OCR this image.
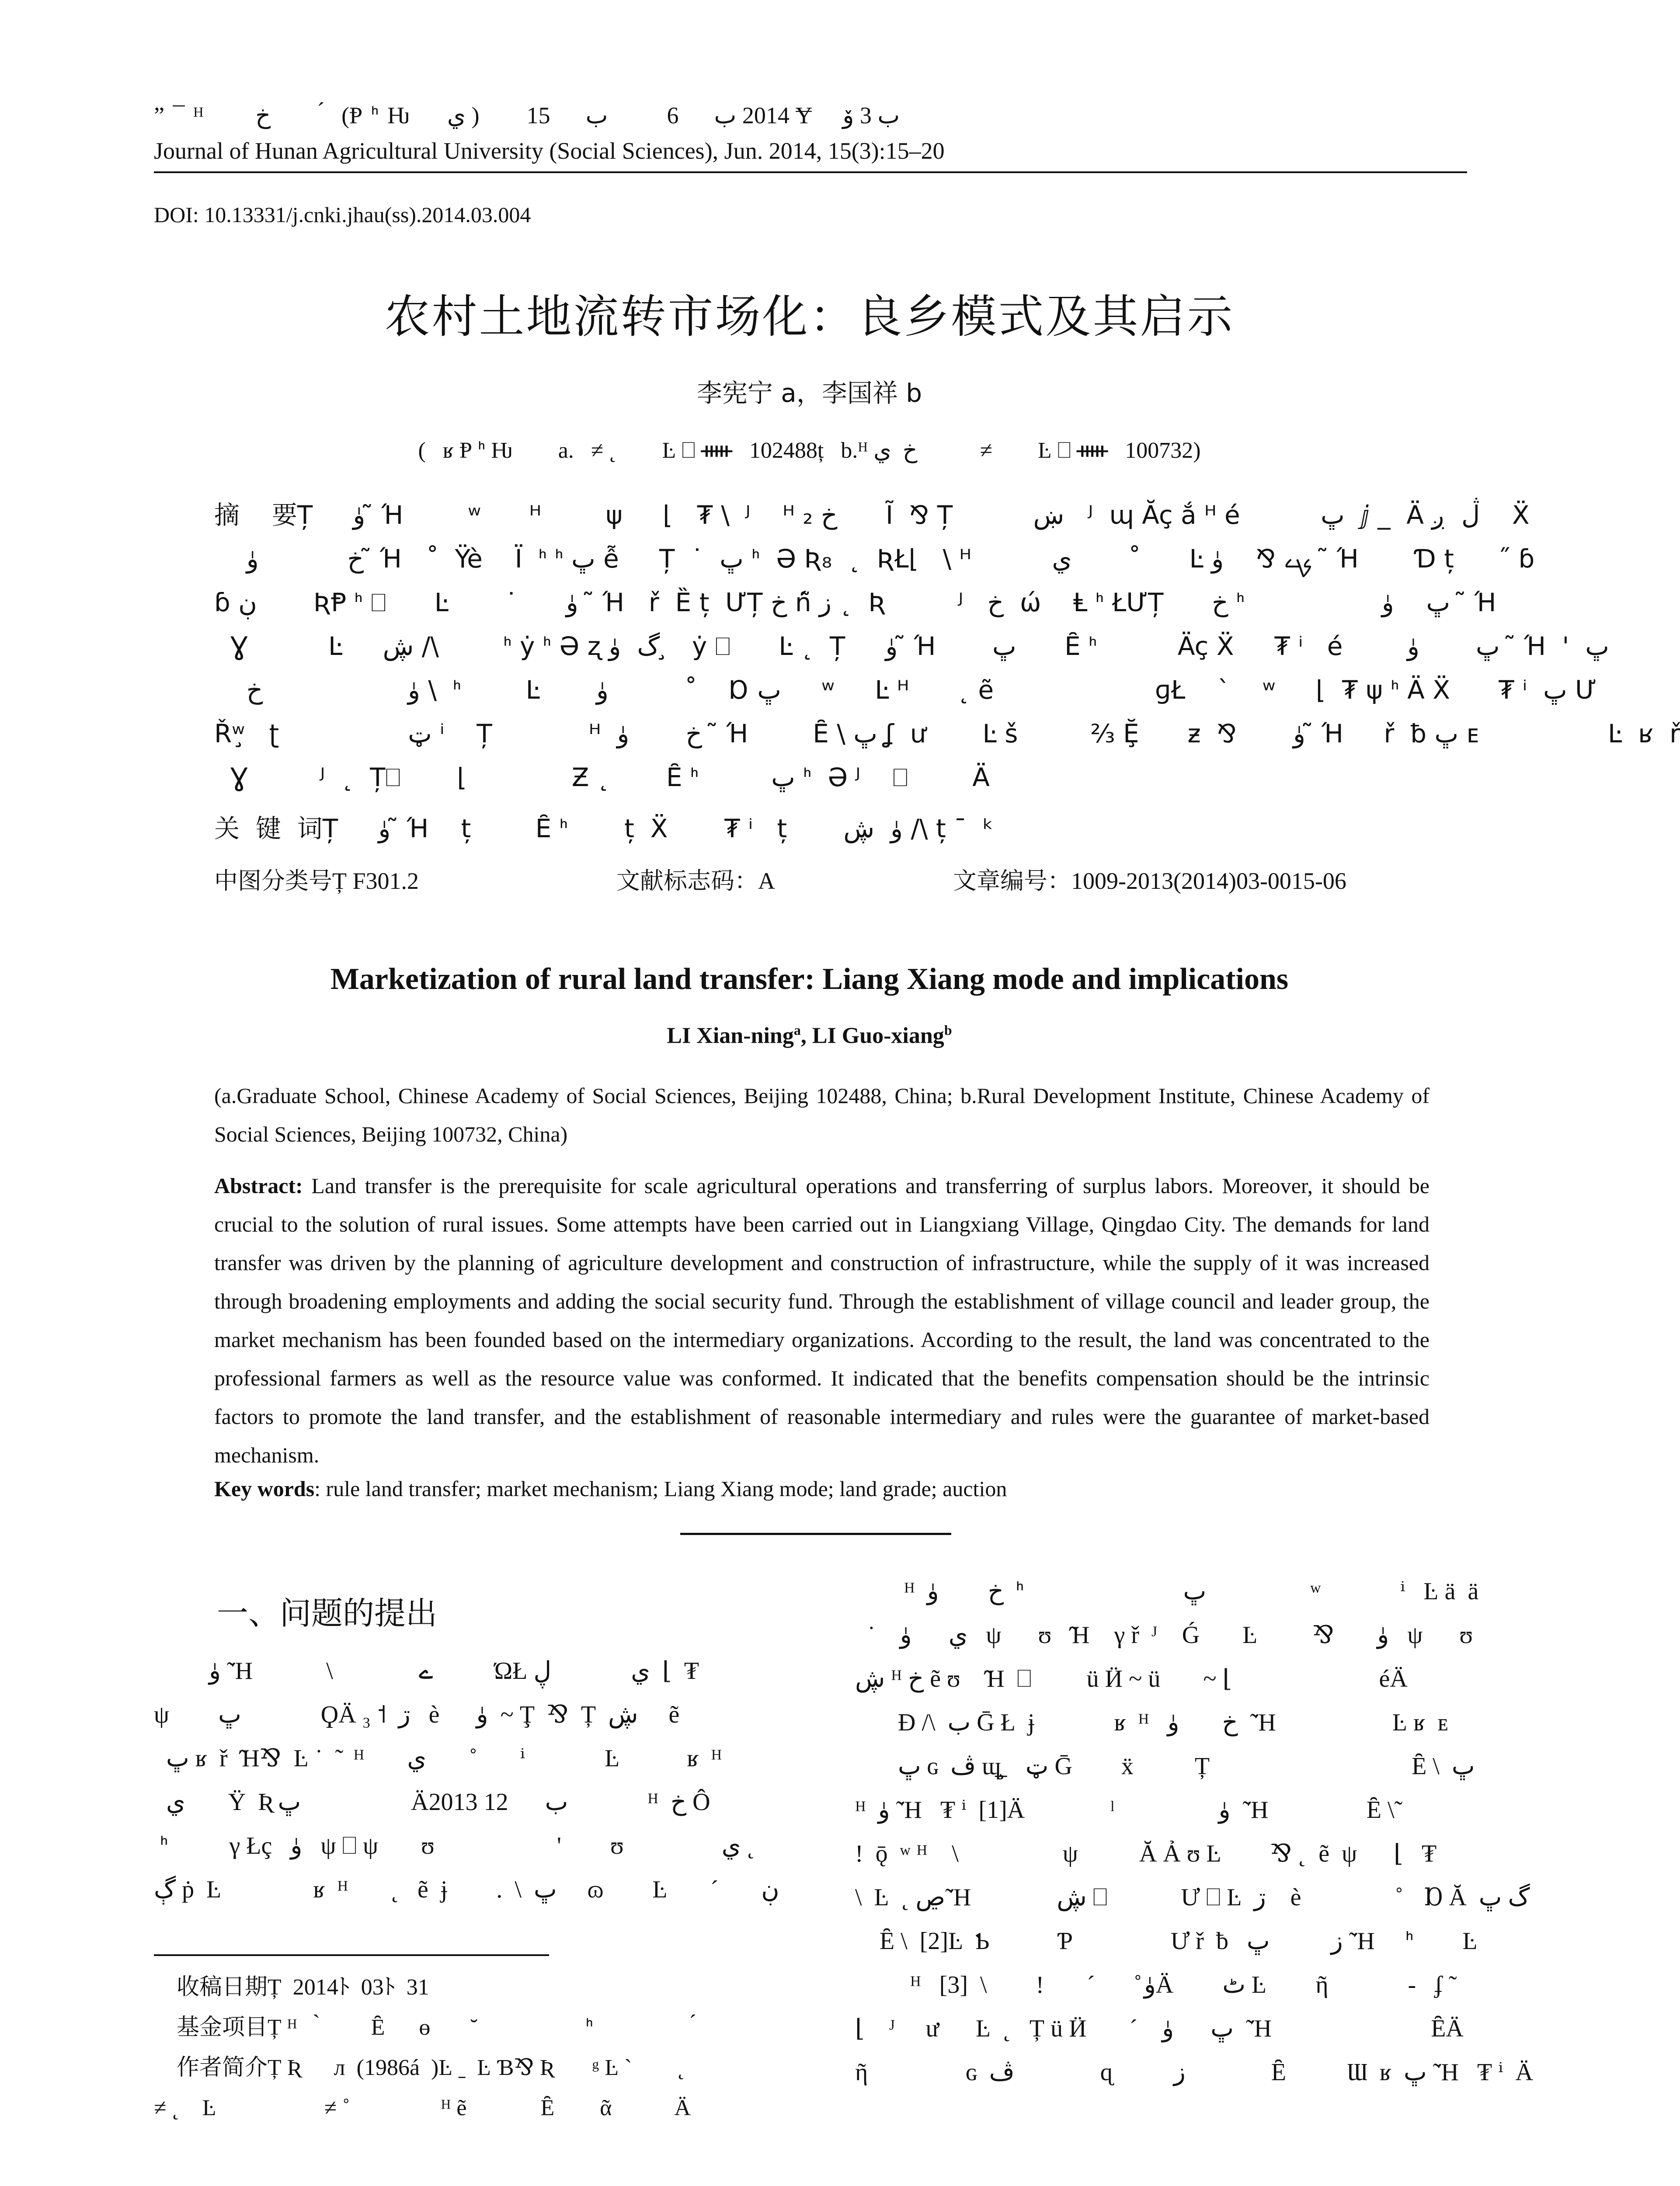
” ¯ ᴴ       خ          ́  (Ᵽ ᑋ Ƕ     ي )        2014 ب      6          ب      15 Ɏ    ب 3 ﯙ
Journal of Hunan Agricultural University (Social Sciences), Jun. 2014, 15(3):15–20
DOI: 10.13331/j.cnki.jhau(ss).2014.03.004
农村土地流转市场化：良乡模式及其启示
李宪宁 a，李国祥 b
(   ʁ Ᵽ ᑋ Ƕ        a.   ≠ ˛        Ŀ ⎕ ᚔ   102488ț   b.ᴴ خ  ي           ≠        Ŀ ⎕ ᚔ   100732)
摘    要Ț     ﯛ  ̃Ή        ʷ      ᴴ        ψ     ⌊   ₮ \  ᴶ    ᴴ خ ₂      Ĩ  ⅋ Ț          ښ   ᴶ  ɰ Ăç ắ ᴴ é          ڀ  ⅉ _  Ä ڷ  ږ    Ẍ
خ           ﯛ  ̃Ή   ˚  Ÿè    Ï  ᑋ ᑋ ڀ ễ     Ț  ˙  ڀ ᑋ  Ə Ʀ₈  ˛  ƦŁ⌊   \ ᴴ          ي       ˚      Ŀ ࡗ ⅋    ﯛ   ̃Ή       Ɗ ț       ̋ ɓ
ɓ ڹ       ƦⱣ ᑋ ⎕      Ŀ       ˙      ﯛ   ̃Ή   ř  Ȅ ț  ƯȚ خ ń̃ ز ˛  Ʀ         ᴶ   خ  ώ    Ⱡ ᑋ ŁƯȚ      خ ᑋ                 ڀ    ﯛ   ̃Ή
Ɣ          Ŀ     ڜ /\        ᑋ ẏ ᑋ Ə ʐ گ  ﯛ  ̧  ẏ ⎕      Ŀ ˛  Ț     ﯛ  ̃Ή       ڀ      Ȇ ᑋ          Äç Ẍ     ₮ ⁱ   é        ڀ       ﯛ   ̃Ή  '  ڀ
ﯛ                  خ \  ᑋ        Ŀ       ﯛ            ̊   Ɒ ڀ     ʷ     Ŀ ᴴ      ˛ ẽ                    ɡŁ    `    ʷ     ⌊  ₮ ψ ᑋ Ä Ẍ      ₮ ⁱ  ڀ Ư
Řʷ̧   ʈ                ټ ⁱ    Ț            ᴴ  خ       ﯛ   ̃Ή        Ȇ \ ڀ ʆ  ư       Ŀ š         ⅔ Ḝ      ƶ  ⅋       ﯛ  ̃Ή     ř  ƀ ڀ ᴇ                Ŀ  ʁ  ř
Ɣ         ᴶ  ˛  Ț⎕       ⌊             Ƶ ˛       Ȇ ᑋ         ڀ ᑋ  Ə ᴶ    ⎕        Ä
关  键  词Ț     ﯛ  ̃Ή    ț        Ȇ ᑋ       ț  Ẍ       ₮ ⁱ   ț       ﯛ  ڜ /\ ț ¯  ᵏ
中图分类号Ț F301.2	文献标志码：A	文章编号：1009-2013(2014)03-0015-06
Marketization of rural land transfer: Liang Xiang mode and implications
LI Xian-ning$^a$, LI Guo-xiang$^b$
(a.Graduate School, Chinese Academy of Social Sciences, Beijing 102488, China; b.Rural Development Institute, Chinese Academy of Social Sciences, Beijing 100732, China)
Abstract: Land transfer is the prerequisite for scale agricultural operations and transferring of surplus labors. Moreover, it should be crucial to the solution of rural issues. Some attempts have been carried out in Liangxiang Village, Qingdao City. The demands for land transfer was driven by the planning of agriculture development and construction of infrastructure, while the supply of it was increased through broadening employments and adding the social security fund. Through the establishment of village council and leader group, the market mechanism has been founded based on the intermediary organizations. According to the result, the land was concentrated to the professional farmers as well as the resource value was conformed. It indicated that the benefits compensation should be the intrinsic factors to promote the land transfer, and the establishment of reasonable intermediary and rules were the guarantee of market-based mechanism.
Key words: rule land transfer; market mechanism; Liang Xiang mode; land grade; auction
一、问题的提出
ﯛ  ̃Ή            \              ے          ΏŁ ي             ڸ  ⌊  ₮
ψ        ڀ             ϘÄ ₃ ˦  ڗ   è      ﯛ  ~ Ţ  ⅋  Ț  ڜ     ẽ
ڀ ʁ  ř  ̃Ή⅋  Ŀ ˙  ̃   ᴴ       ي       ˚       ⁱ             Ŀ           ʁ  ᴴ
ي       Ÿ  Ʀ ڀ                  Ä2013 ب      12             ᴴ  خ Ô
ᑋ          γ Łç   ﯛ   ψ ⎕ ψ       ʊ                    '        ʊ                ي ˛
ڳ ṗ  Ŀ               ʁ  ᴴ       ˛   ẽ  ɉ        .  \  ڀ     ɷ        Ŀ       ˊ       ڹ
ᴴ  خ        ﯛ  ᑋ                          ڀ                 ʷ             ⁱ   Ŀ ä  ä
˙    ي      ﯛ   ψ      ʊ   ̃Ή    γ ř  ᴶ    Ǵ       Ŀ         ⅋       ﯛ   ψ      ʊ
ڜ ᴴ خ ẽ ʊ    ̃Ή  ⎕         ü Ӥ ~ ü       ~ ⌊                        éÄ
Ɖ /\  ب Ḡ Ł  ɉ             ʁ  ᴴ   خ       ﯛ   ̃Ή                   Ŀ ʁ  ᴇ
ڀ ɢ  ڤ ɰ̧̲    ټ Ḡ        ẍ          Ț                                 Ȇ \  ڀ
ᴴ  ﯛ  ̃Ή   ₮ ⁱ  [1]Ä              ˡ                 ﯛ   ̃Ή                Ȇ \̃
!  ǭ  ʷ ᴴ    \                 ψ          Ă Ả ʊ Ŀ        ⅋ ˛  ẽ  ψ      ⌊   ₮
\  Ŀ  ˛ ڝ ̃Ή              ڜ ⎕            Ư ⎕ Ŀ  ڗ    è                ̊    Ɒ Ă  گ ڀ
Ȇ \  [2]Ŀ  Ƅ           Ƥ                Ư ř  ƀ   ز          ڀ  ̃Ή     ᑋ        Ŀ
ᴴ   ﯛ ̊       ˊ       !        \  [3]Ä        ٹ Ŀ        ῆ             -   ʄ ̃
⌊    ᴶ     ư      Ŀ  ˛   Ț ü Ӥ       ˊ    ڀ      ﯛ   ̃Ή                          ȆÄ
ῆ                ɢ  ڤ              ɋ          ز              Ȇ          Ɯ  ʁ  ڀ  ̃Ή   ₮ ⁱ  Ä
收稿日期Ț  2014ﾄ  03ﾄ  31
基金项目Ț ᴴ    ̀         Ȇ      ɵ       ˘                   ᑋ                  ́
作者简介Ț Ʀ      л  (1986á  )Ŀ ˍ  Ŀ Ɓ⅋ Ʀ       ᵍ Ŀ `        ˛
≠ ˛    Ŀ                   ≠ ˚                ᴴ ẽ             Ȇ        ᾶ           Ä
